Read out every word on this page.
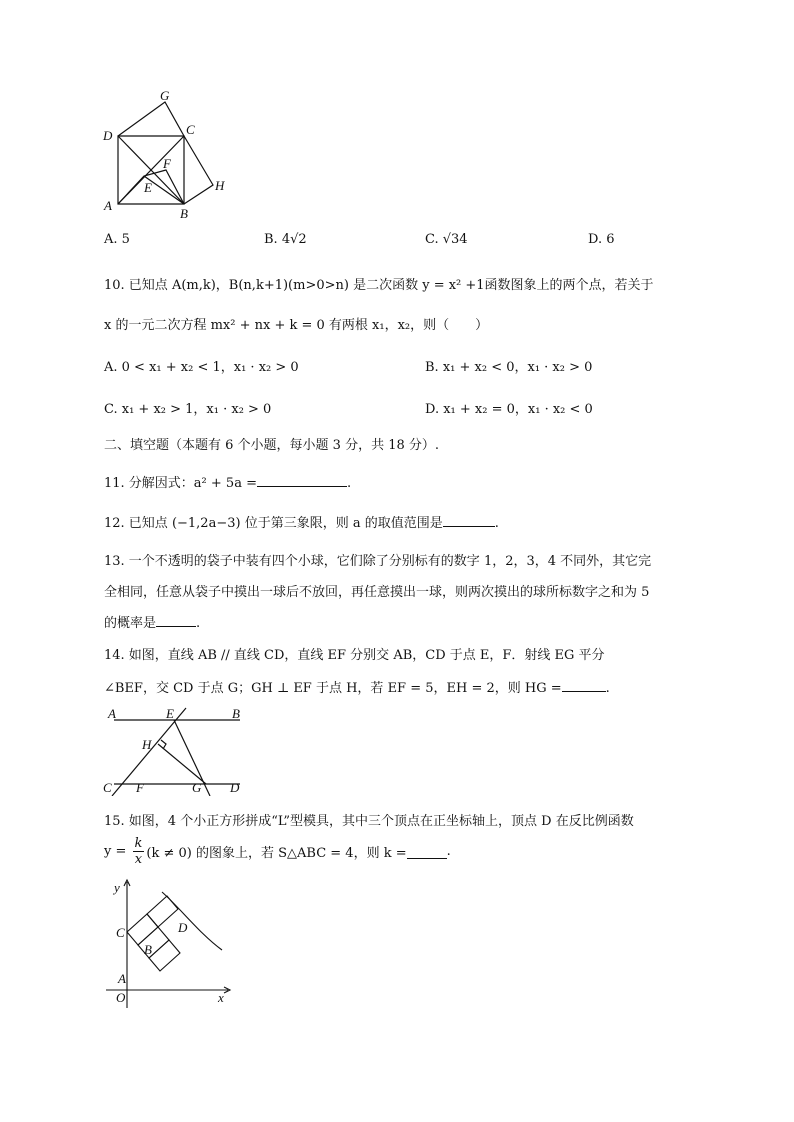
G
D	C
F
E	H
A
B
A. 5	B. 4√2	C. √34	D. 6
10. 已知点 A(m,k)，B(n,k+1)(m>0>n) 是二次函数 y = x² +1函数图象上的两个点，若关于
x 的一元二次方程 mx² + nx + k = 0 有两根 x₁，x₂，则（　　）
A. 0 < x₁ + x₂ < 1，x₁ · x₂ > 0	B. x₁ + x₂ < 0，x₁ · x₂ > 0
C. x₁ + x₂ > 1，x₁ · x₂ > 0	D. x₁ + x₂ = 0，x₁ · x₂ < 0
二、填空题（本题有 6 个小题，每小题 3 分，共 18 分）.
11. 分解因式：a² + 5a =	.
12. 已知点 (−1,2a−3) 位于第三象限，则 a 的取值范围是	.
13. 一个不透明的袋子中装有四个小球，它们除了分别标有的数字 1，2，3，4 不同外，其它完
全相同，任意从袋子中摸出一球后不放回，再任意摸出一球，则两次摸出的球所标数字之和为 5
的概率是	.
14. 如图，直线 AB // 直线 CD，直线 EF 分别交 AB，CD 于点 E，F．射线 EG 平分
∠BEF，交 CD 于点 G；GH ⊥ EF 于点 H，若 EF = 5，EH = 2，则 HG =	.
A	E	B
H
C F	G D
15. 如图，4 个小正方形拼成“L”型模具，其中三个顶点在正坐标轴上，顶点 D 在反比例函数
$y = \frac{k}{x} (k \ne 0)$ 的图象上，若 S△ABC = 4，则 k =	.
y
C	D
B
A
O	x
